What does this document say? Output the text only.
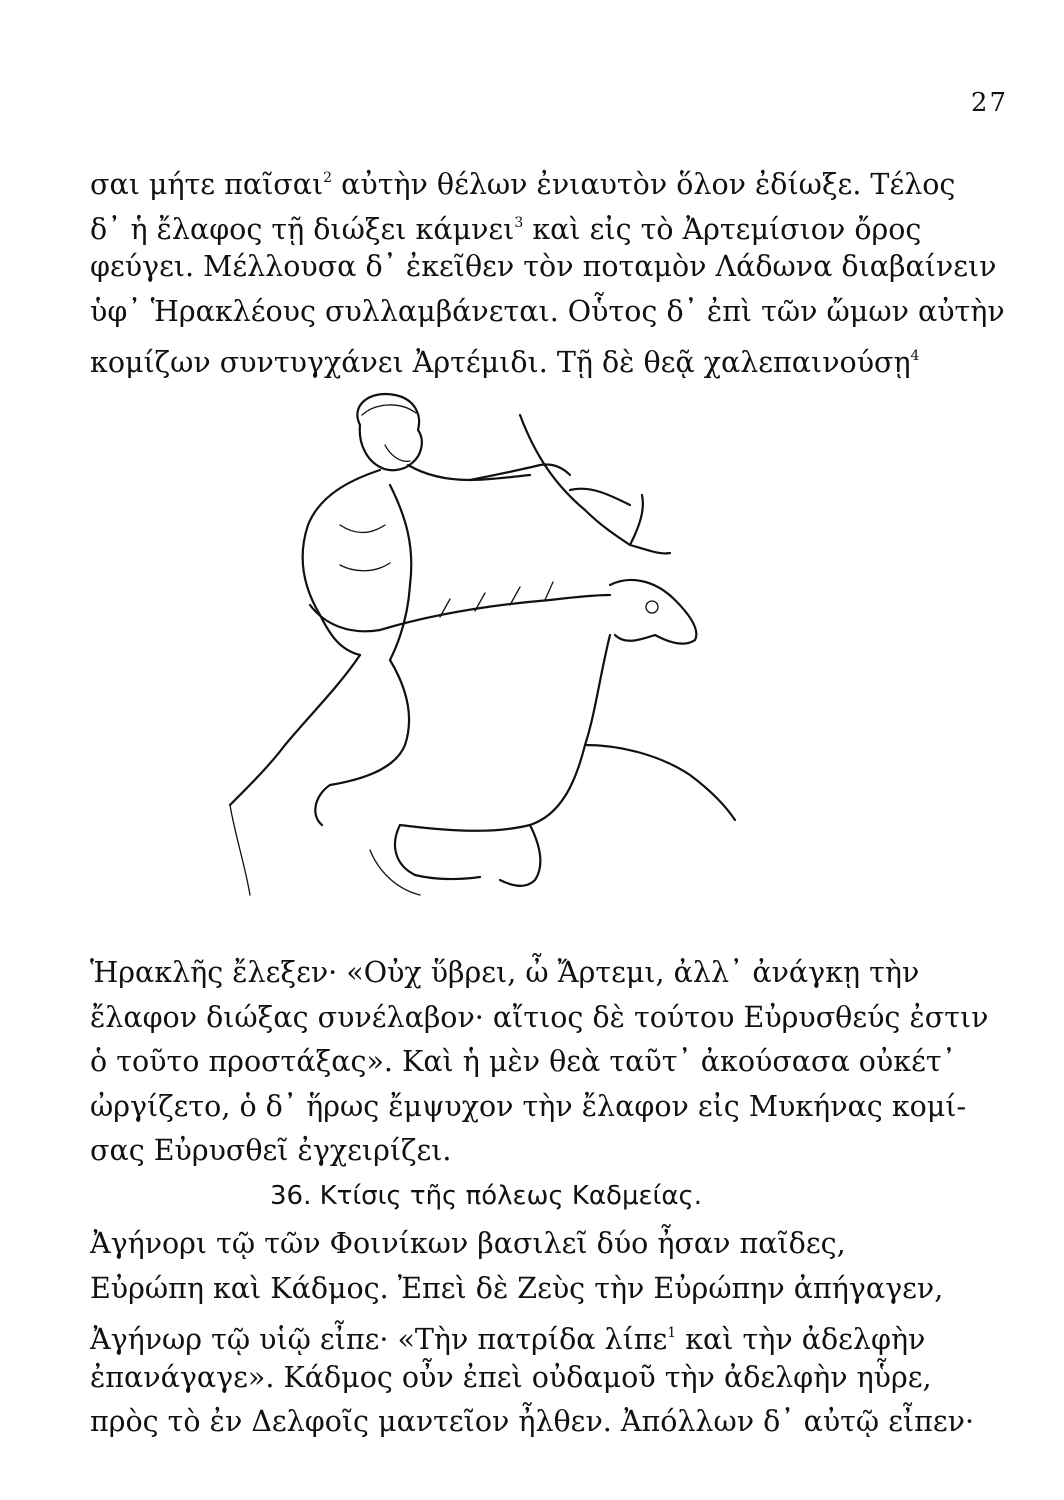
27
σαι μήτε παῖσαι$^2$ αὐτὴν θέλων ἐνιαυτὸν ὅλον ἐδίωξε. Τέλος
δ᾽ ἡ ἔλαφος τῇ διώξει κάμνει$^3$ καὶ εἰς τὸ Ἀρτεμίσιον ὄρος
φεύγει. Μέλλουσα δ᾽ ἐκεῖθεν τὸν ποταμὸν Λάδωνα διαβαίνειν
ὑφ᾽ Ἡρακλέους συλλαμβάνεται. Οὗτος δ᾽ ἐπὶ τῶν ὤμων αὐτὴν
κομίζων συντυγχάνει Ἀρτέμιδι. Τῇ δὲ θεᾷ χαλεπαινούσῃ$^4$
Ἡρακλῆς ἔλεξεν· «Οὐχ ὕβρει, ὦ Ἄρτεμι, ἀλλ᾽ ἀνάγκῃ τὴν
ἔλαφον διώξας συνέλαβον· αἴτιος δὲ τούτου Εὐρυσθεύς ἐστιν
ὁ τοῦτο προστάξας». Καὶ ἡ μὲν θεὰ ταῦτ᾽ ἀκούσασα οὐκέτ᾽
ὠργίζετο, ὁ δ᾽ ἥρως ἔμψυχον τὴν ἔλαφον εἰς Μυκήνας κομί-
σας Εὐρυσθεῖ ἐγχειρίζει.
36. Κτίσις τῆς πόλεως Καδμείας.
Ἀγήνορι τῷ τῶν Φοινίκων βασιλεῖ δύο ἦσαν παῖδες,
Εὐρώπη καὶ Κάδμος. Ἐπεὶ δὲ Ζεὺς τὴν Εὐρώπην ἀπήγαγεν,
Ἀγήνωρ τῷ υἱῷ εἶπε· «Τὴν πατρίδα λίπε$^1$ καὶ τὴν ἀδελφὴν
ἐπανάγαγε». Κάδμος οὖν ἐπεὶ οὐδαμοῦ τὴν ἀδελφὴν ηὗρε,
πρὸς τὸ ἐν Δελφοῖς μαντεῖον ἦλθεν. Ἀπόλλων δ᾽ αὐτῷ εἶπεν·
